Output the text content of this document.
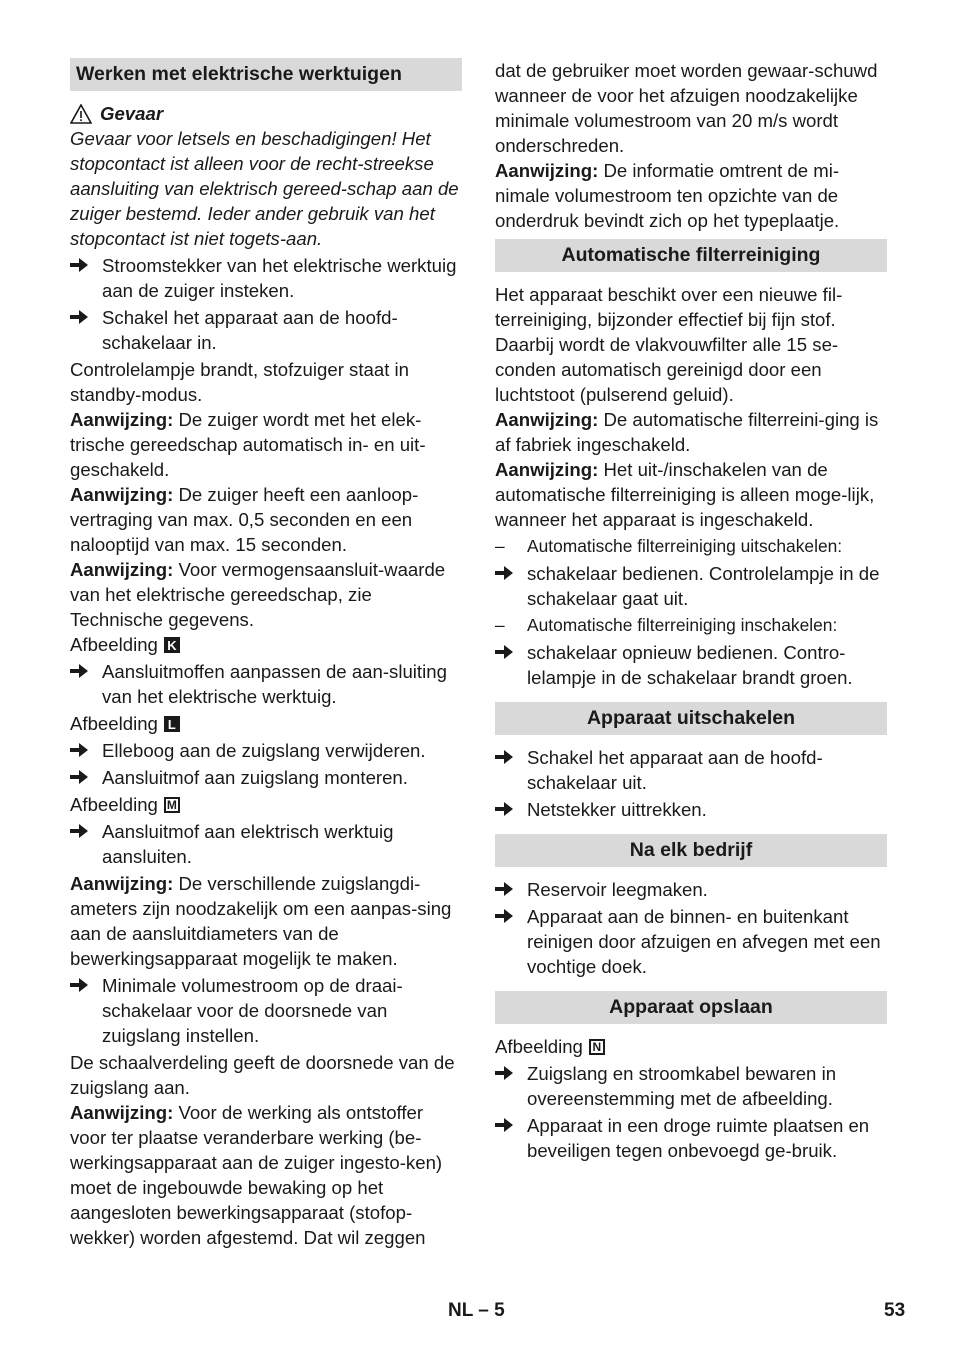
Werken met elektrische werktuigen
Gevaar

Gevaar voor letsels en beschadigingen! Het stopcontact ist alleen voor de recht-streekse aansluiting van elektrisch gereed-schap aan de zuiger bestemd. Ieder ander gebruik van het stopcontact ist niet togets-aan.

Stroomstekker van het elektrische werktuig aan de zuiger insteken.
Schakel het apparaat aan de hoofd-schakelaar in.

Controlelampje brandt, stofzuiger staat in standby-modus.

Aanwijzing: De zuiger wordt met het elek-trische gereedschap automatisch in- en uit-geschakeld.

Aanwijzing: De zuiger heeft een aanloop-vertraging van max. 0,5 seconden en een nalooptijd van max. 15 seconden.

Aanwijzing: Voor vermogensaansluit-waarde van het elektrische gereedschap, zie Technische gegevens.

Afbeelding K
Aansluitmoffen aanpassen de aan-sluiting van het elektrische werktuig.
Afbeelding L
Elleboog aan de zuigslang verwijderen.
Aansluitmof aan zuigslang monteren.
Afbeelding M
Aansluitmof aan elektrisch werktuig aansluiten.

Aanwijzing: De verschillende zuigslangdi-ameters zijn noodzakelijk om een aanpas-sing aan de aansluitdiameters van de bewerkingsapparaat mogelijk te maken.

Minimale volumestroom op de draai-schakelaar voor de doorsnede van zuigslang instellen.

De schaalverdeling geeft de doorsnede van de zuigslang aan.

Aanwijzing: Voor de werking als ontstoffer voor ter plaatse veranderbare werking (be-werkingsapparaat aan de zuiger ingesto-ken) moet de ingebouwde bewaking op het aangesloten bewerkingsapparaat (stofop-wekker) worden afgestemd. Dat wil zeggen

dat de gebruiker moet worden gewaar-schuwd wanneer de voor het afzuigen noodzakelijke minimale volumestroom van 20 m/s wordt onderschreden.

Aanwijzing: De informatie omtrent de mi-nimale volumestroom ten opzichte van de onderdruk bevindt zich op het typeplaatje.

Automatische filterreiniging

Het apparaat beschikt over een nieuwe fil-terreiniging, bijzonder effectief bij fijn stof. Daarbij wordt de vlakvouwfilter alle 15 se-conden automatisch gereinigd door een luchtstoot (pulserend geluid).

Aanwijzing: De automatische filterreini-ging is af fabriek ingeschakeld.

Aanwijzing: Het uit-/inschakelen van de automatische filterreiniging is alleen moge-lijk, wanneer het apparaat is ingeschakeld.

–	Automatische filterreiniging uitschakelen:
schakelaar bedienen. Controlelampje in de schakelaar gaat uit.
–	Automatische filterreiniging inschakelen:
schakelaar opnieuw bedienen. Contro-lelampje in de schakelaar brandt groen.
Apparaat uitschakelen
Schakel het apparaat aan de hoofd-schakelaar uit.
Netstekker uittrekken.
Na elk bedrijf
Reservoir leegmaken.
Apparaat aan de binnen- en buitenkant reinigen door afzuigen en afvegen met een vochtige doek.
Apparaat opslaan
Afbeelding N
Zuigslang en stroomkabel bewaren in overeenstemming met de afbeelding.
Apparaat in een droge ruimte plaatsen en beveiligen tegen onbevoegd ge-bruik.
NL – 5	53
